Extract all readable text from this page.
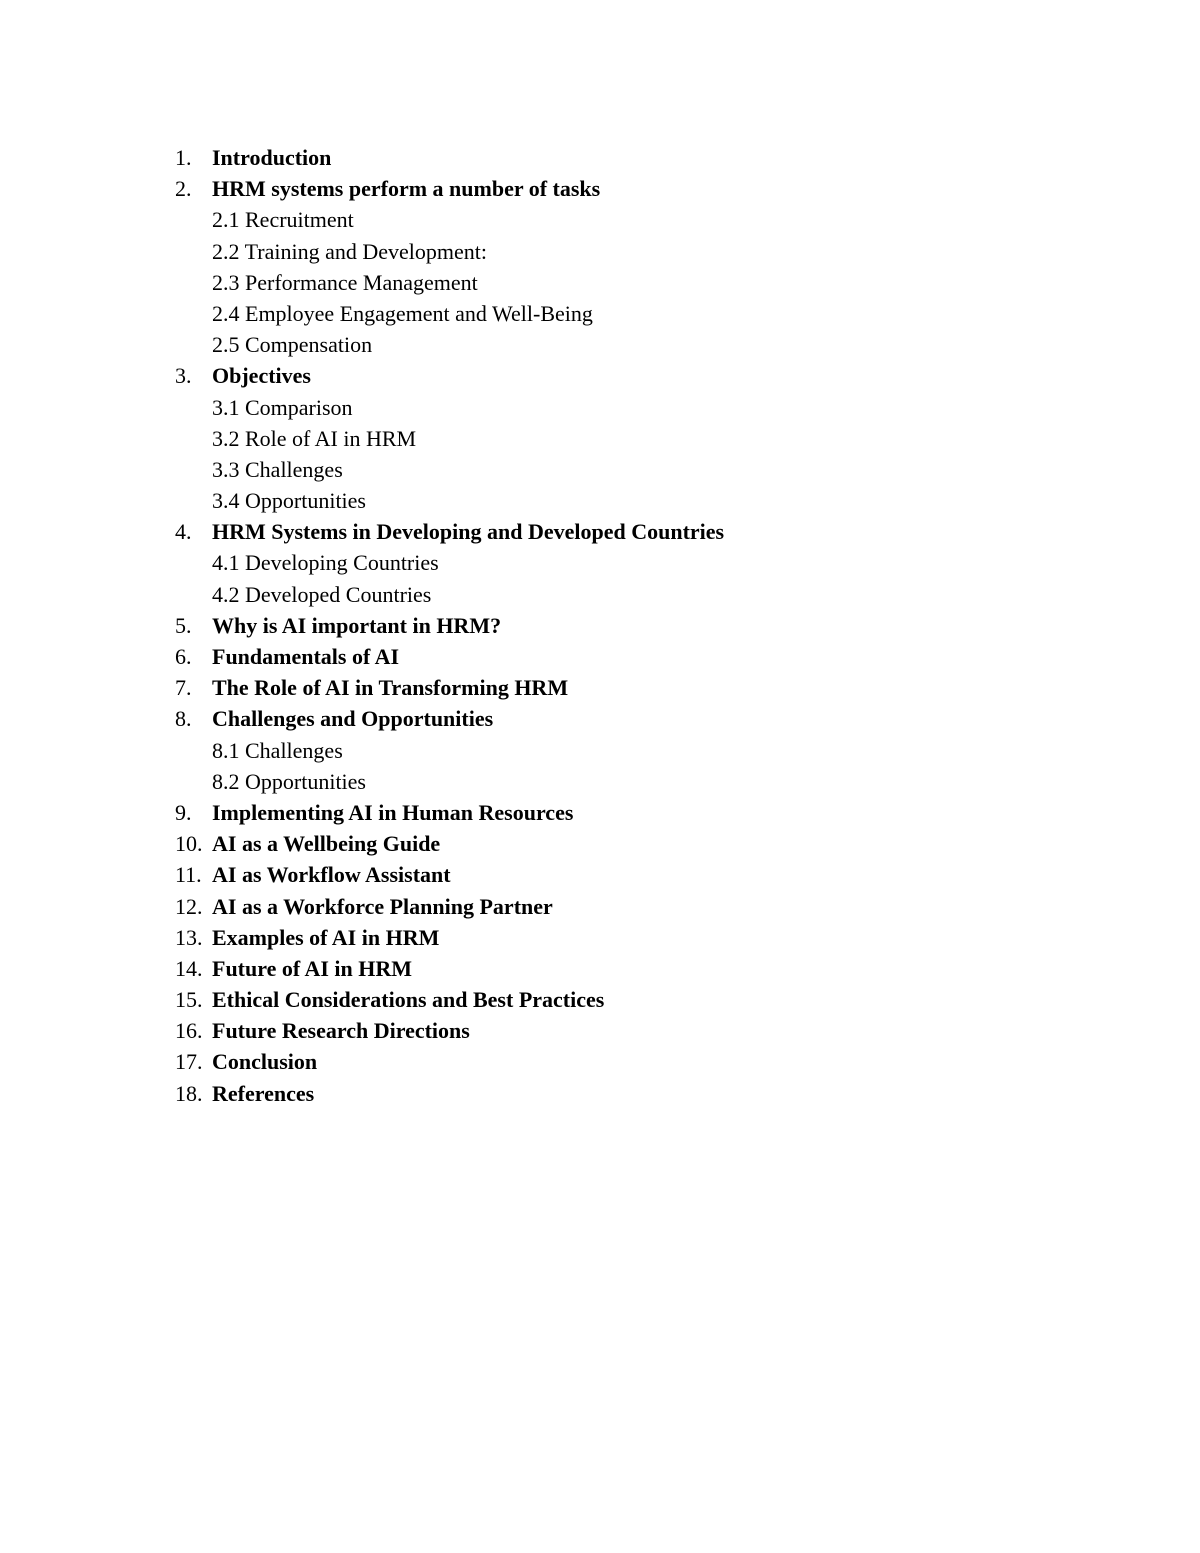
1. Introduction
2. HRM systems perform a number of tasks
2.1 Recruitment
2.2 Training and Development:
2.3 Performance Management
2.4 Employee Engagement and Well-Being
2.5 Compensation
3. Objectives
3.1 Comparison
3.2 Role of AI in HRM
3.3 Challenges
3.4 Opportunities
4. HRM Systems in Developing and Developed Countries
4.1 Developing Countries
4.2 Developed Countries
5. Why is AI important in HRM?
6. Fundamentals of AI
7. The Role of AI in Transforming HRM
8. Challenges and Opportunities
8.1 Challenges
8.2 Opportunities
9. Implementing AI in Human Resources
10. AI as a Wellbeing Guide
11. AI as Workflow Assistant
12. AI as a Workforce Planning Partner
13. Examples of AI in HRM
14. Future of AI in HRM
15. Ethical Considerations and Best Practices
16. Future Research Directions
17. Conclusion
18. References
